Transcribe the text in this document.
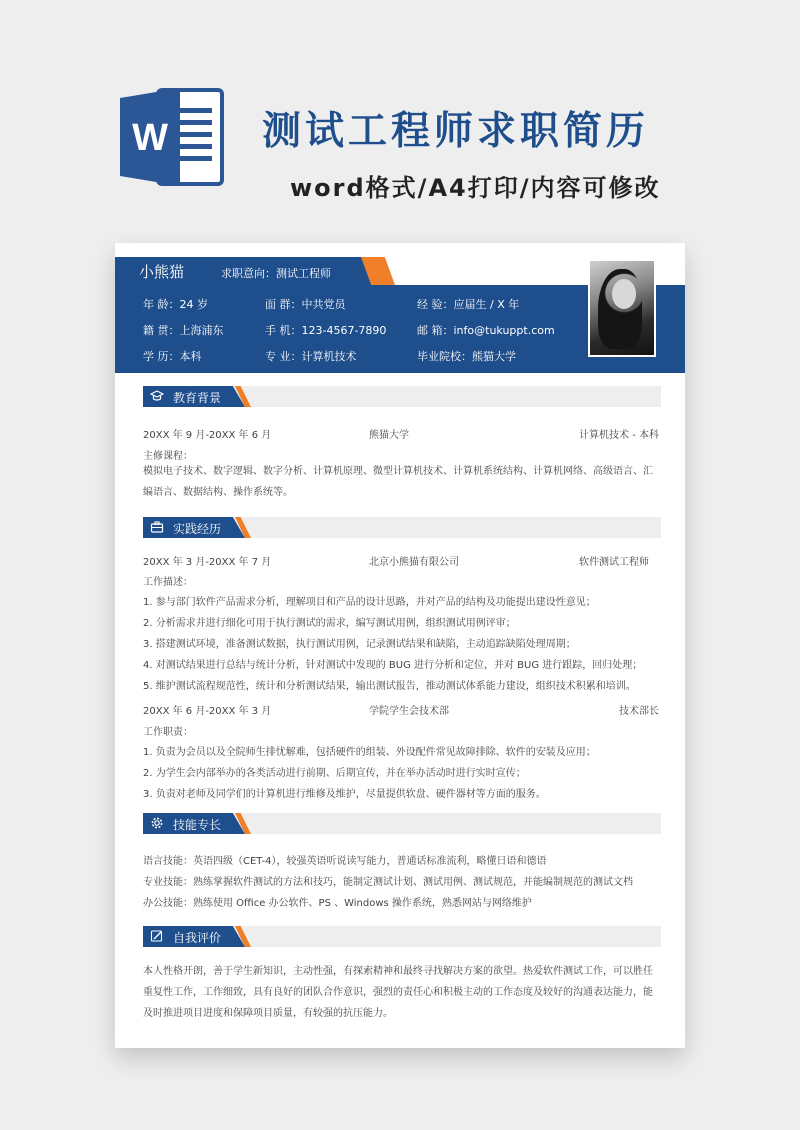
W 测试工程师求职简历
word格式/A4打印/内容可修改
小熊猫	求职意向：测试工程师
年 龄：24 岁	面 群：中共党员	经 验：应届生 / X 年
籍 贯：上海浦东	手 机：123-4567-7890	邮 箱：info@tukuppt.com
学 历：本科	专 业：计算机技术	毕业院校：熊猫大学
教育背景
20XX 年 9 月-20XX 年 6 月	熊猫大学	计算机技术 - 本科
主修课程：
模拟电子技术、数字逻辑、数字分析、计算机原理、微型计算机技术、计算机系统结构、计算机网络、高级语言、汇编语言、数据结构、操作系统等。
实践经历
20XX 年 3 月-20XX 年 7 月	北京小熊猫有限公司	软件测试工程师
工作描述：
1. 参与部门软件产品需求分析，理解项目和产品的设计思路，并对产品的结构及功能提出建设性意见；
2. 分析需求并进行细化可用于执行测试的需求，编写测试用例，组织测试用例评审；
3. 搭建测试环境，准备测试数据，执行测试用例，记录测试结果和缺陷，主动追踪缺陷处理周期；
4. 对测试结果进行总结与统计分析，针对测试中发现的 BUG 进行分析和定位，并对 BUG 进行跟踪，回归处理；
5. 维护测试流程规范性，统计和分析测试结果，输出测试报告，推动测试体系能力建设，组织技术积累和培训。
20XX 年 6 月-20XX 年 3 月	学院学生会技术部	技术部长
工作职责：
1. 负责为会员以及全院师生排忧解难，包括硬件的组装、外设配件常见故障排除、软件的安装及应用；
2. 为学生会内部举办的各类活动进行前期、后期宣传，并在举办活动时进行实时宣传；
3. 负责对老师及同学们的计算机进行维修及维护，尽量提供软盘、硬件器材等方面的服务。
技能专长
语言技能：英语四级（CET-4），较强英语听说读写能力，普通话标准流利，略懂日语和德语
专业技能：熟练掌握软件测试的方法和技巧，能制定测试计划、测试用例、测试规范，并能编制规范的测试文档
办公技能：熟练使用 Office 办公软件、PS 、Windows 操作系统，熟悉网站与网络维护
自我评价
本人性格开朗，善于学生新知识，主动性强，有探索精神和最终寻找解决方案的欲望。热爱软件测试工作，可以胜任重复性工作，工作细致，具有良好的团队合作意识，强烈的责任心和积极主动的工作态度及较好的沟通表达能力，能及时推进项目进度和保障项目质量，有较强的抗压能力。
